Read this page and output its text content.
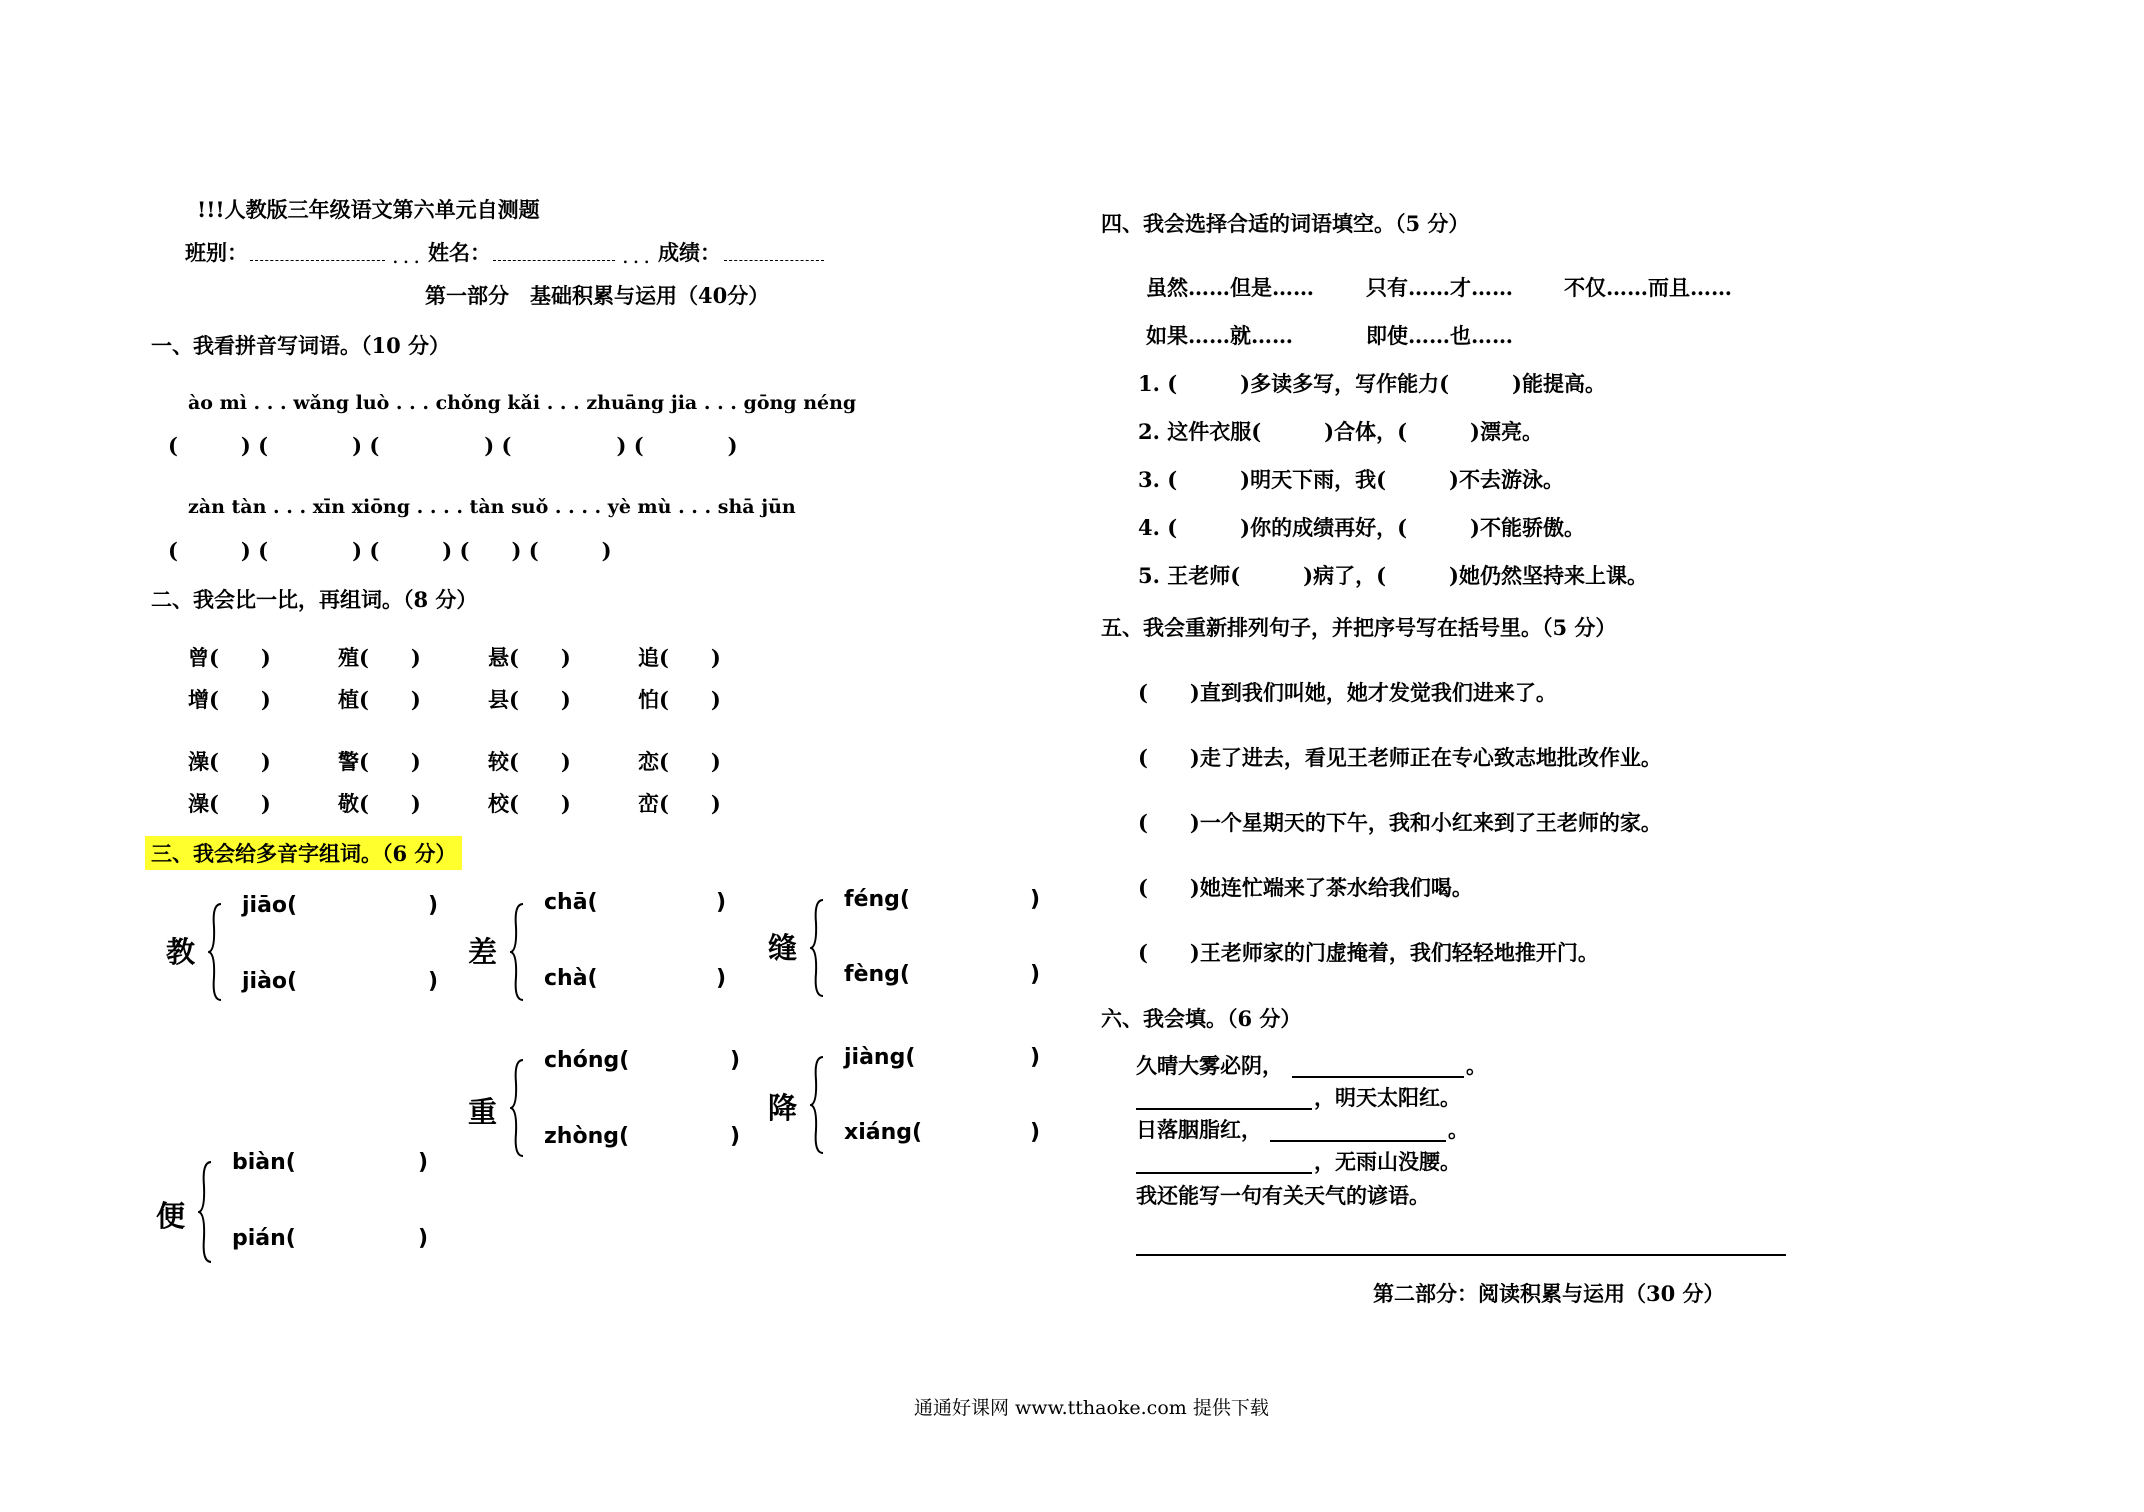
!!!人教版三年级语文第六单元自测题
班别：	... 姓名：	... 成绩：
第一部分　基础积累与运用（40分）
一、我看拼音写词语。（10 分）
ào mì . . . wǎng luò . . . chǒng kǎi . . . zhuāng jia . . . gōng néng
(　　　) (　　　　) (　　　　　) (　　　　　) (　　　　)
zàn tàn . . . xīn xiōng . . . . tàn suǒ . . . . yè mù . . . shā jūn
(　　　) (　　　　) (　　　) (　　) (　　　)
二、我会比一比，再组词。（8 分）
曾(　　)	殖(　　)	悬(　　)	追(　　)
增(　　)	植(　　)	县(　　)	怕(　　)
澡(　　)	警(　　)	较(　　)	恋(　　)
澡(　　)	敬(　　)	校(　　)	峦(　　)
三、我会给多音字组词。（6 分）
教
jiāo(	)
jiào(	)
差
chā(	)
chà(	)
缝
féng(	)
fèng(	)
重
chóng(	)
zhòng(	)
降
jiàng(	)
xiáng(	)
便
biàn(	)
pián(	)
四、我会选择合适的词语填空。（5 分）
虽然……但是…… 只有……才…… 不仅……而且……
如果……就……	即使……也……
1. (　　　)多读多写，写作能力(　　　)能提高。
2. 这件衣服(　　　)合体，(　　　)漂亮。
3. (　　　)明天下雨，我(　　　)不去游泳。
4. (　　　)你的成绩再好，(　　　)不能骄傲。
5. 王老师(　　　)病了，(　　　)她仍然坚持来上课。
五、我会重新排列句子，并把序号写在括号里。（5 分）
(　　)直到我们叫她，她才发觉我们进来了。
(　　)走了进去，看见王老师正在专心致志地批改作业。
(　　)一个星期天的下午，我和小红来到了王老师的家。
(　　)她连忙端来了茶水给我们喝。
(　　)王老师家的门虚掩着，我们轻轻地推开门。
六、我会填。（6 分）
久晴大雾必阴，	。
，明天太阳红。
日落胭脂红，	。
，无雨山没腰。
我还能写一句有关天气的谚语。
第二部分：阅读积累与运用（30 分）
通通好课网 www.tthaoke.com 提供下载
